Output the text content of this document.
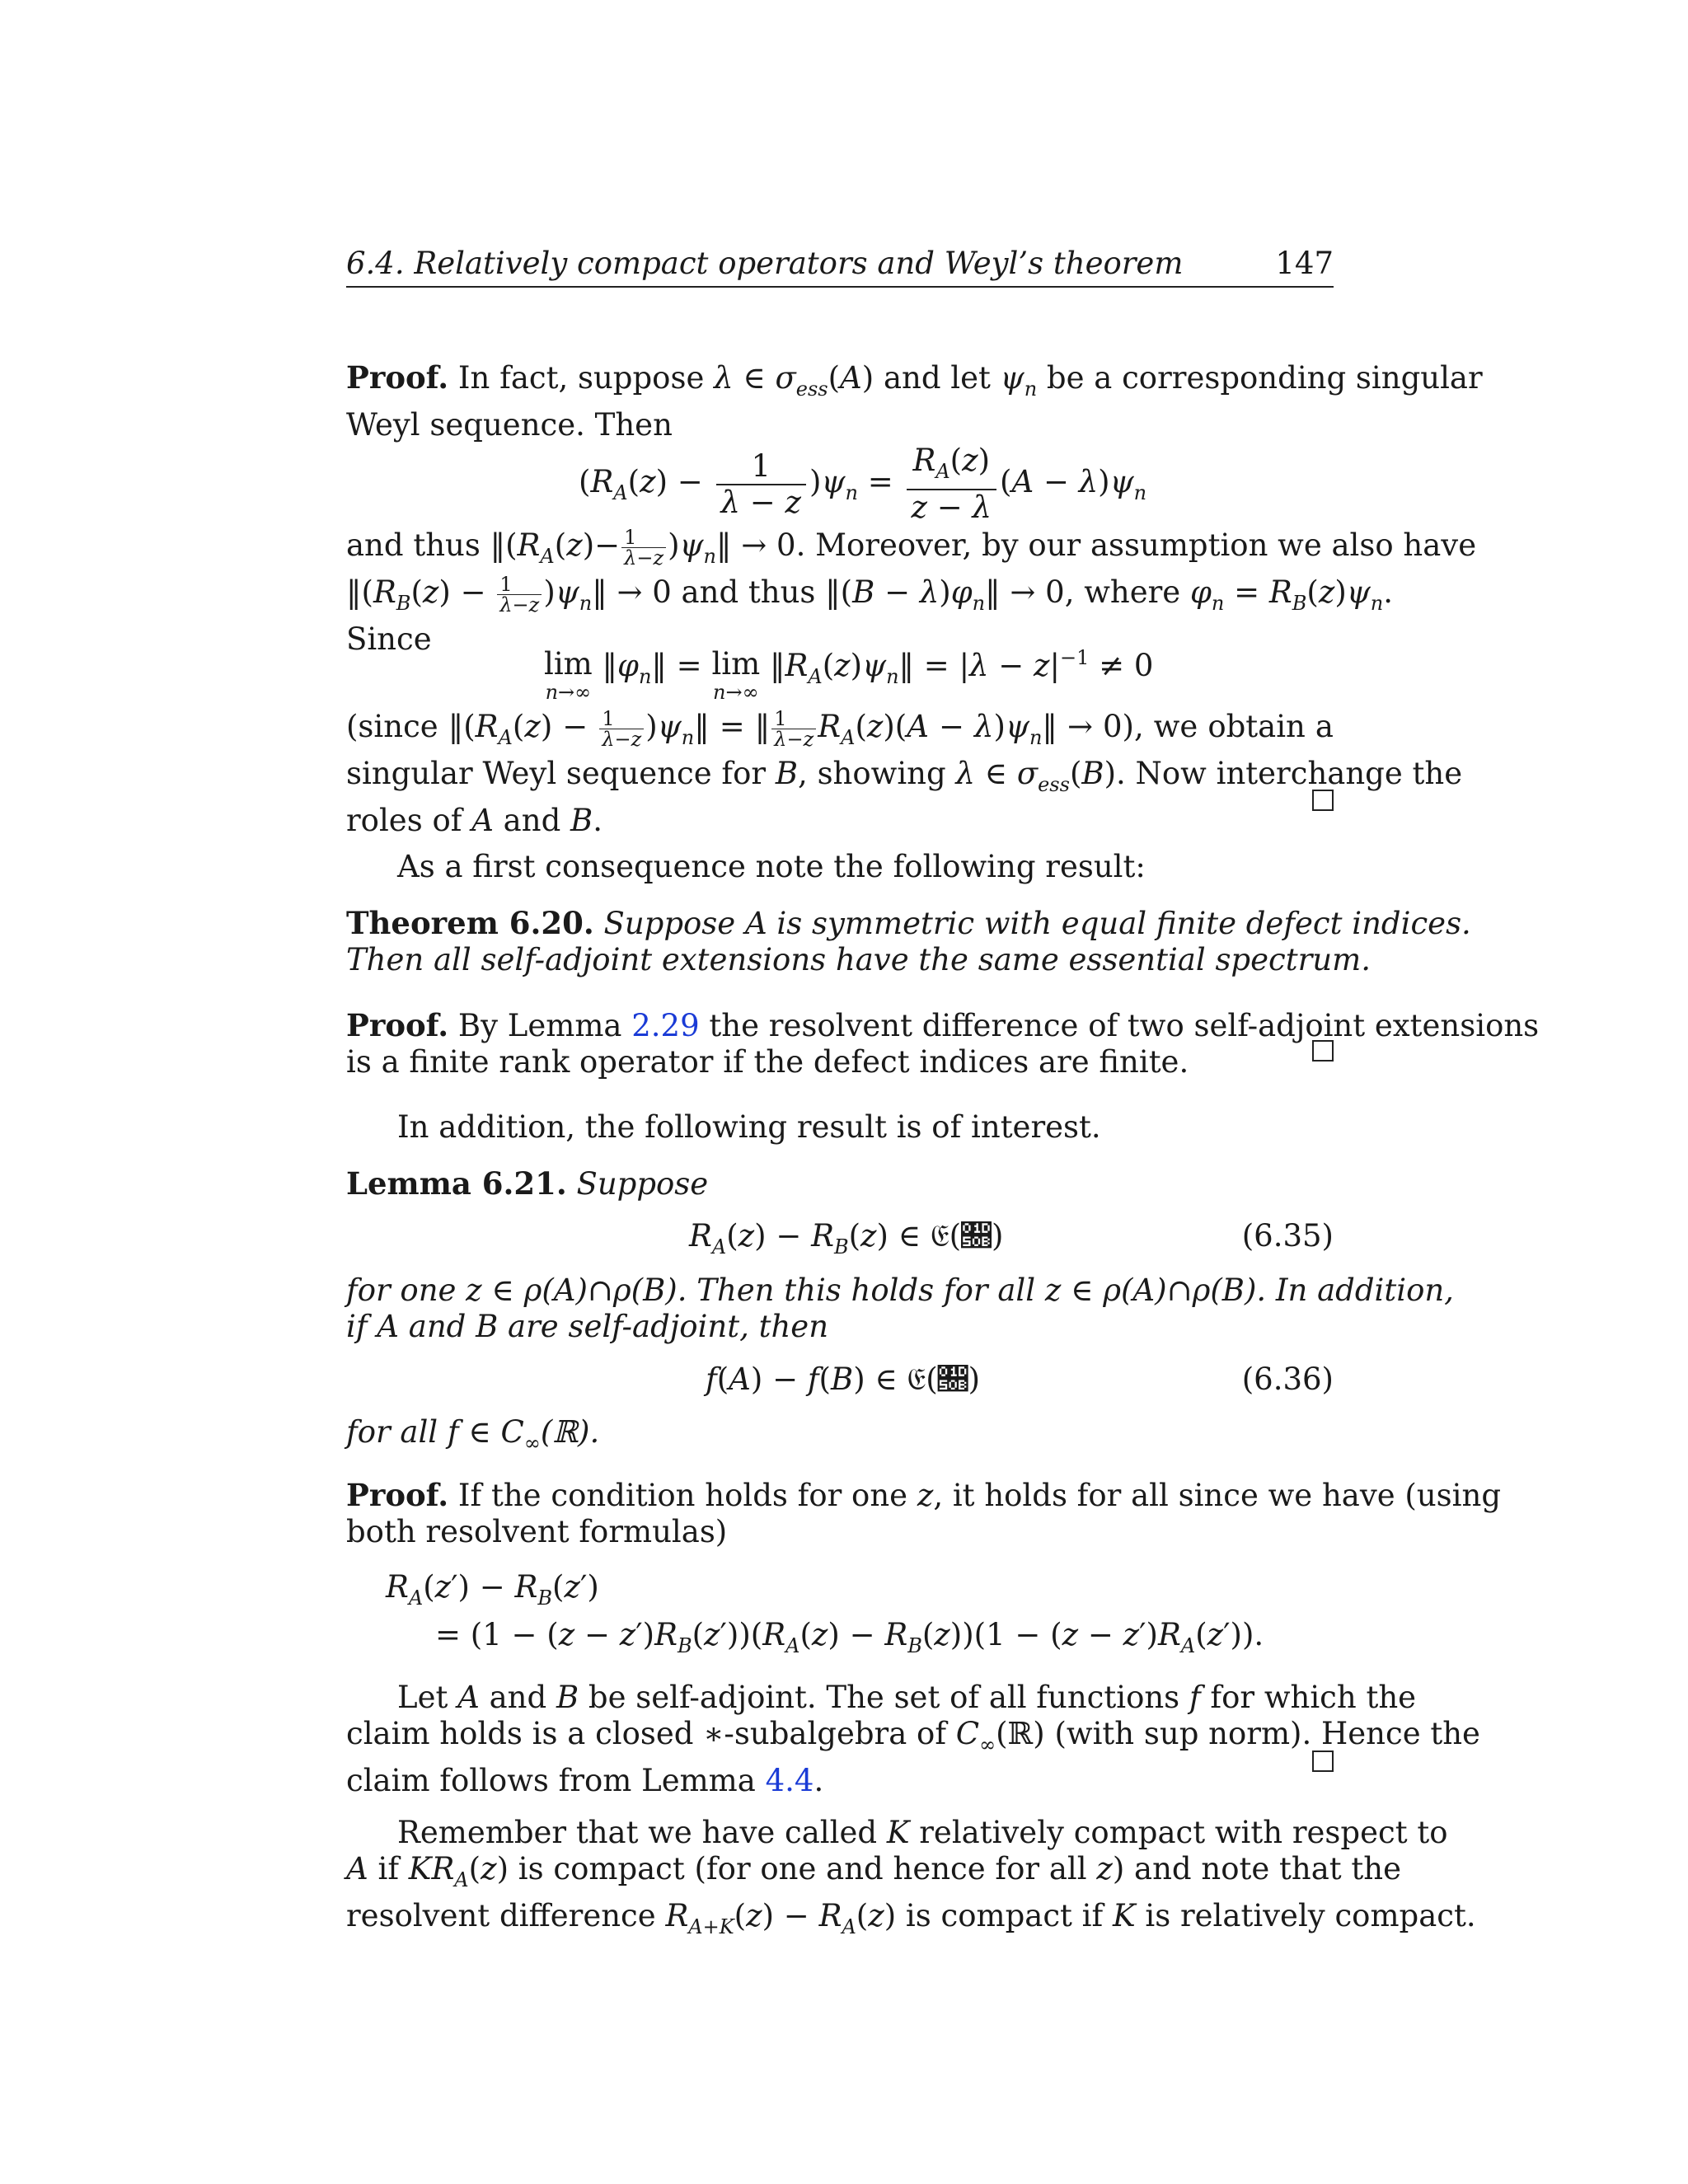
6.4. Relatively compact operators and Weyl’s theorem	147
Proof. In fact, suppose λ ∈ $\sigma_{ess}(A)$ and let $\psi_n$ be a corresponding singular
Weyl sequence. Then
$(R_A(z) - \frac{1}{\lambda - z} )\psi_n = \frac{R_A(z)}{z - \lambda} (A - \lambda)\psi_n$
and thus $‖(R_A(z)- \frac{1}{\lambda-z}$ )$\psi_n‖ \to 0$. Moreover, by our assumption we also have
$‖(R_B(z) - \frac{1}{\lambda-z}$ )$\psi_n‖ \to 0$ and thus ‖(B − $\lambda)\varphi_n‖ \to 0$, where $\varphi_n = R_B(z)\psi_n$.
Since
lim
n→∞
$‖\varphi_n‖ = \lim$
n→∞
$‖R_A(z)\psi_n‖ = |\lambda - z|^{-1} \ne 0$
(since $‖(R_A(z) - \frac{1}{\lambda-z}$ )$\psi_n‖$ = ‖ $\frac{1}{\lambda-z} R_A(z)(A$ − $\lambda)\psi_n‖ \to 0$), we obtain a
singular Weyl sequence for B, showing λ ∈ $\sigma_{ess}(B)$. Now interchange the
roles of A and B.
As a first consequence note the following result:
Theorem 6.20. Suppose A is symmetric with equal finite defect indices.
Then all self-adjoint extensions have the same essential spectrum.
Proof. By Lemma 2.29 the resolvent difference of two self-adjoint extensions
is a finite rank operator if the defect indices are finite.
In addition, the following result is of interest.
Lemma 6.21. Suppose
$R_A(z) - R_B(z)$ ∈ 𝔈(𝔋)	(6.35)
for one z ∈ ρ(A)∩ρ(B). Then this holds for all z ∈ ρ(A)∩ρ(B). In addition,
if A and B are self-adjoint, then
f(A) − f(B) ∈ 𝔈(𝔋)	(6.36)
for all f ∈ $C_\infty(ℝ)$.
Proof. If the condition holds for one z, it holds for all since we have (using
both resolvent formulas)
$R_A(z') - R_B(z')$
= $(1 - (z - z')R_B(z'))(R_A(z) - R_B(z))(1 - (z - z')R_A(z'))$.
Let A and B be self-adjoint. The set of all functions f for which the
claim holds is a closed ∗-subalgebra of $C_\infty(ℝ)$ (with sup norm). Hence the
claim follows from Lemma 4.4.
Remember that we have called K relatively compact with respect to
A if $KR_A(z)$ is compact (for one and hence for all z) and note that the
resolvent difference $R_{A+K}(z) - R_A(z)$ is compact if K is relatively compact.
